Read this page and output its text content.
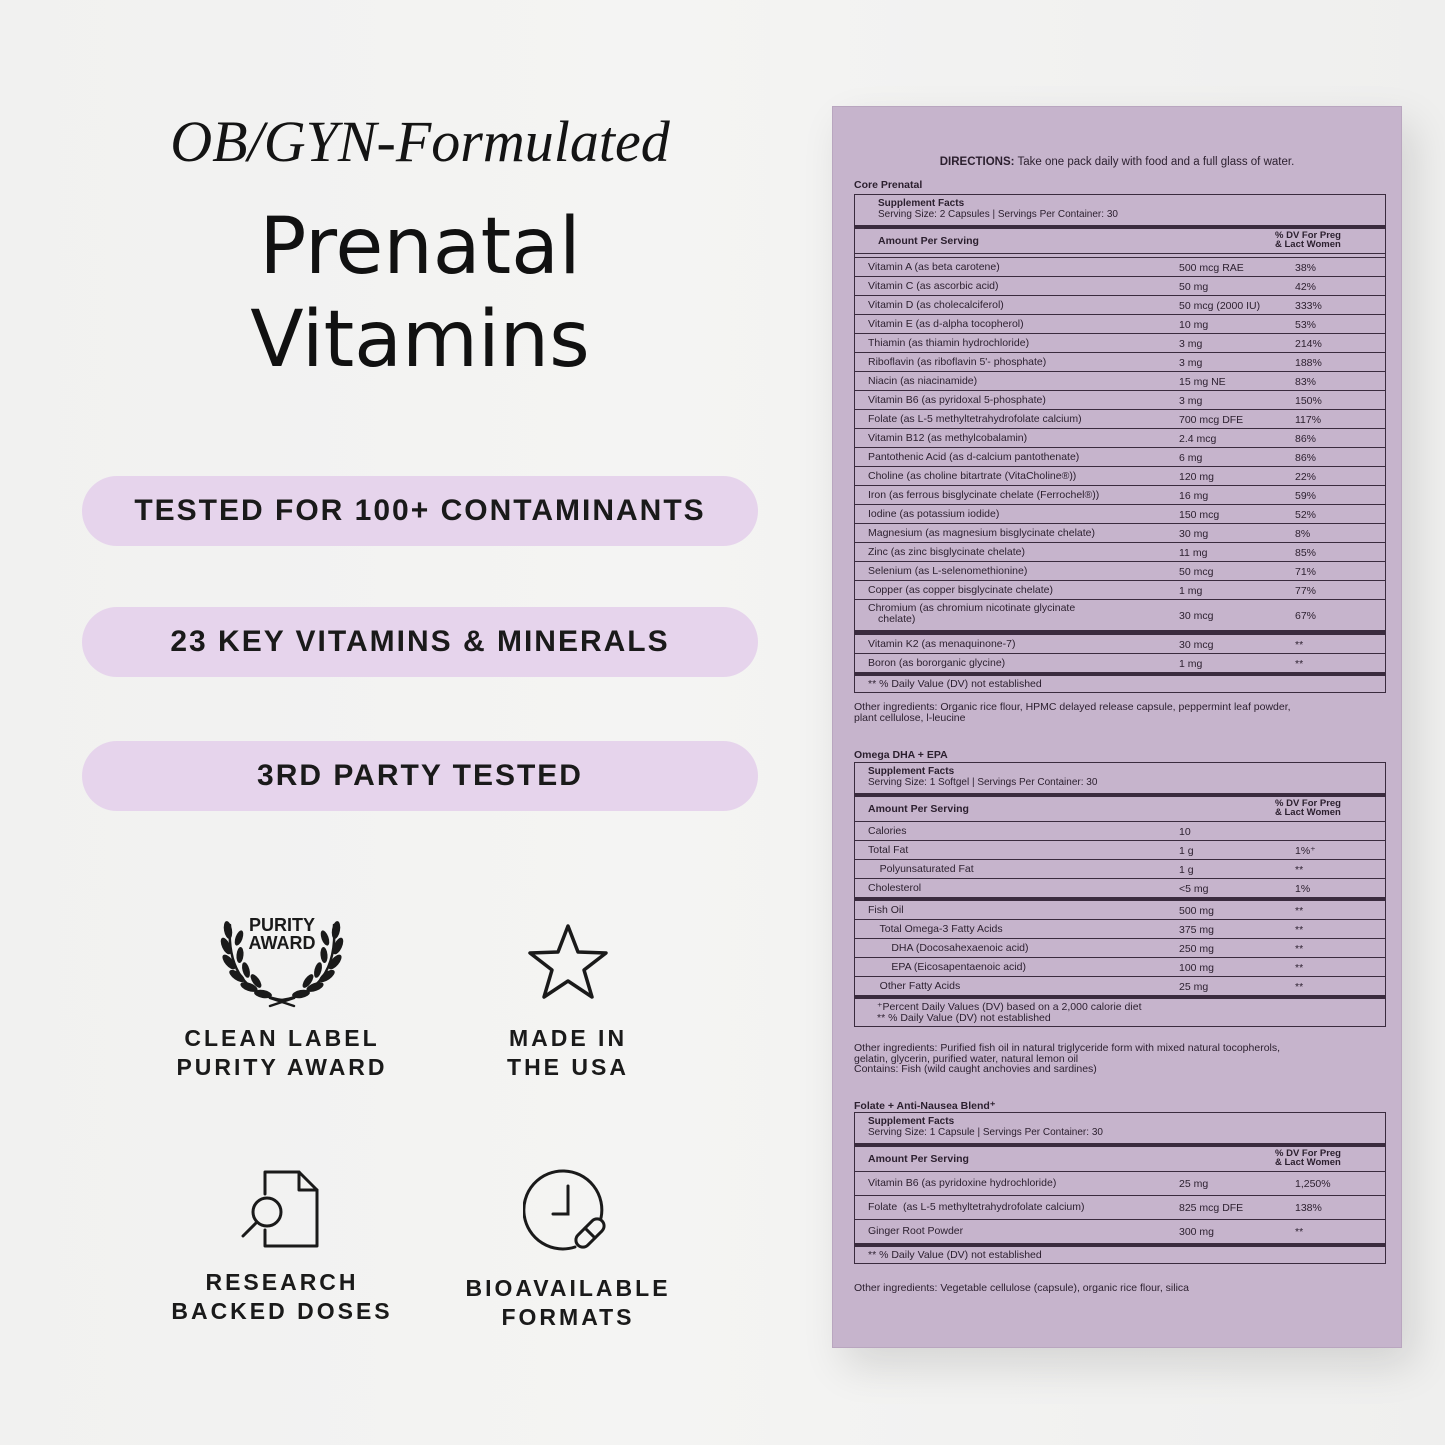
OB/GYN-Formulated
Prenatal
Vitamins
TESTED FOR 100+ CONTAMINANTS
23 KEY VITAMINS & MINERALS
3RD PARTY TESTED
PURITY
AWARD
CLEAN LABEL
PURITY AWARD
MADE IN
THE USA
RESEARCH
BACKED DOSES
BIOAVAILABLE
FORMATS
DIRECTIONS: Take one pack daily with food and a full glass of water.
Core Prenatal
Supplement Facts
Serving Size: 2 Capsules | Servings Per Container: 30
Amount Per Serving	% DV For Preg
& Lact Women
Vitamin A (as beta carotene)	500 mcg RAE	38%
Vitamin C (as ascorbic acid)	50 mg	42%
Vitamin D (as cholecalciferol)	50 mcg (2000 IU)	333%
Vitamin E (as d-alpha tocopherol)	10 mg	53%
Thiamin (as thiamin hydrochloride)	3 mg	214%
Riboflavin (as riboflavin 5'- phosphate)	3 mg	188%
Niacin (as niacinamide)	15 mg NE	83%
Vitamin B6 (as pyridoxal 5-phosphate)	3 mg	150%
Folate (as L-5 methyltetrahydrofolate calcium)	700 mcg DFE	117%
Vitamin B12 (as methylcobalamin)	2.4 mcg	86%
Pantothenic Acid (as d-calcium pantothenate)	6 mg	86%
Choline (as choline bitartrate (VitaCholine®))	120 mg	22%
Iron (as ferrous bisglycinate chelate (Ferrochel®))	16 mg	59%
Iodine (as potassium iodide)	150 mcg	52%
Magnesium (as magnesium bisglycinate chelate)	30 mg	8%
Zinc (as zinc bisglycinate chelate)	11 mg	85%
Selenium (as L-selenomethionine)	50 mcg	71%
Copper (as copper bisglycinate chelate)	1 mg	77%
Chromium (as chromium nicotinate glycinate
chelate)	30 mcg	67%
Vitamin K2 (as menaquinone-7)	30 mcg	**
Boron (as bororganic glycine)	1 mg	**
** % Daily Value (DV) not established
Other ingredients: Organic rice flour, HPMC delayed release capsule, peppermint leaf powder,
plant cellulose, l-leucine
Omega DHA + EPA
Supplement Facts
Serving Size: 1 Softgel | Servings Per Container: 30
Amount Per Serving	% DV For Preg
& Lact Women
Calories	10
Total Fat	1 g	1%⁺
Polyunsaturated Fat	1 g	**
Cholesterol	<5 mg	1%
Fish Oil	500 mg	**
Total Omega-3 Fatty Acids	375 mg	**
DHA (Docosahexaenoic acid)	250 mg	**
EPA (Eicosapentaenoic acid)	100 mg	**
Other Fatty Acids	25 mg	**
⁺Percent Daily Values (DV) based on a 2,000 calorie diet
** % Daily Value (DV) not established
Other ingredients: Purified fish oil in natural triglyceride form with mixed natural tocopherols,
gelatin, glycerin, purified water, natural lemon oil
Contains: Fish (wild caught anchovies and sardines)
Folate + Anti-Nausea Blend⁺
Supplement Facts
Serving Size: 1 Capsule | Servings Per Container: 30
Amount Per Serving	% DV For Preg
& Lact Women
Vitamin B6 (as pyridoxine hydrochloride)	25 mg	1,250%
Folate  (as L-5 methyltetrahydrofolate calcium)	825 mcg DFE	138%
Ginger Root Powder	300 mg	**
** % Daily Value (DV) not established
Other ingredients: Vegetable cellulose (capsule), organic rice flour, silica
